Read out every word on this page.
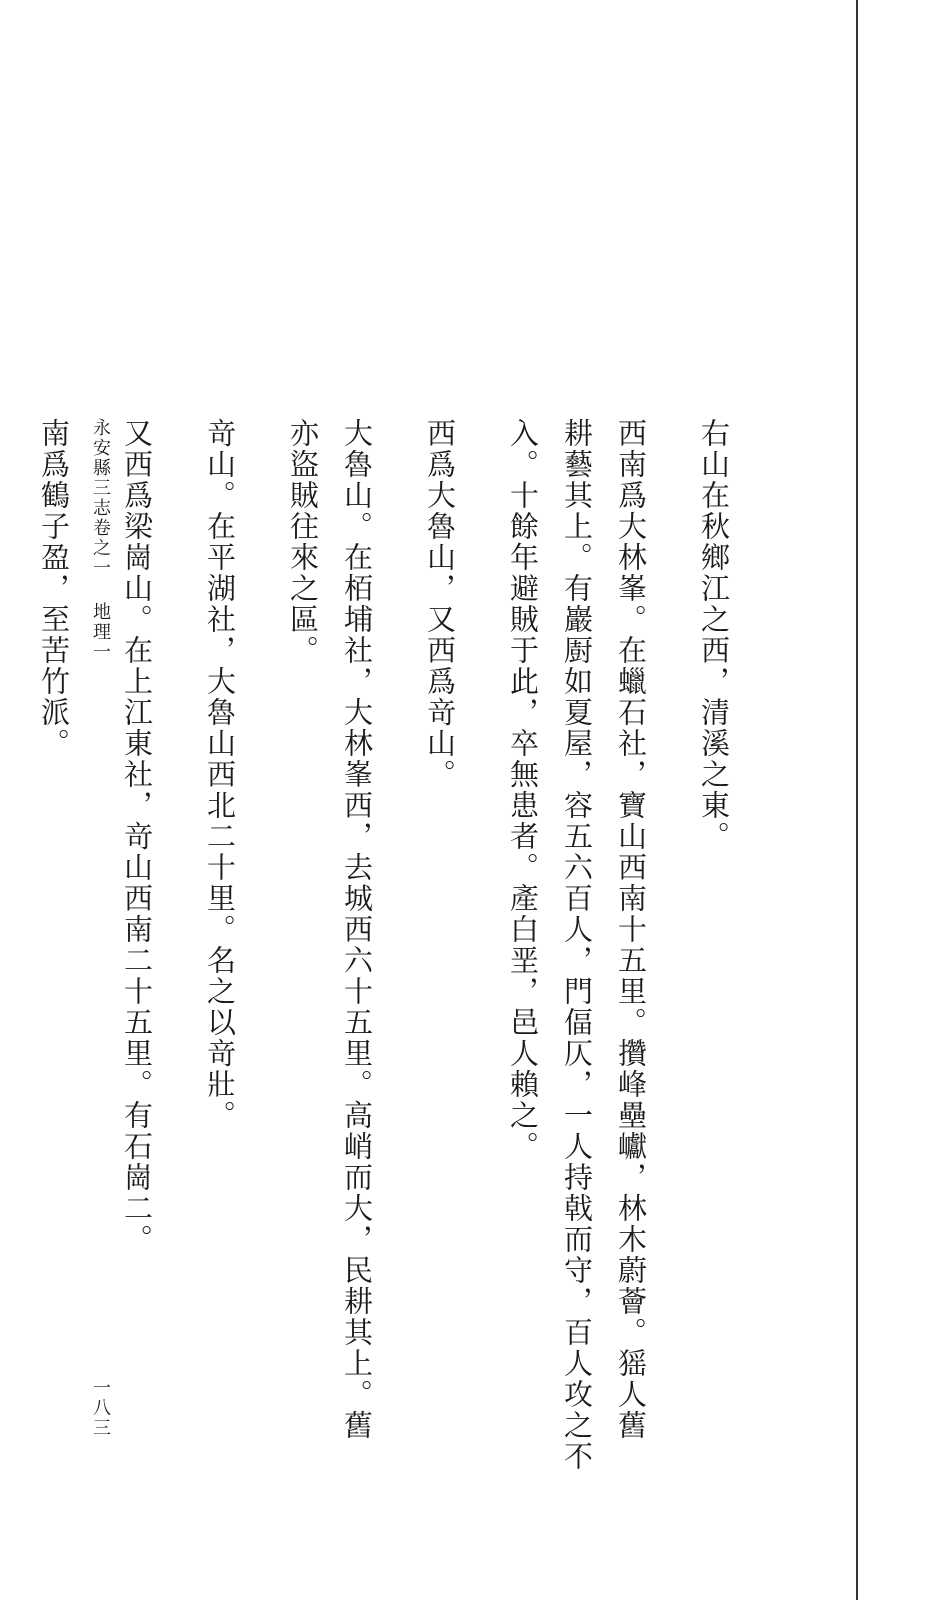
右山在秋鄉江之西，清溪之東。
西南爲大林峯。在蠟石社，寶山西南十五里。攢峰壘巘，林木蔚薈。猺人舊
耕藝其上。有巖㕑如夏屋，容五六百人，門偪仄，一人持戟而守，百人攻之不
入。十餘年避賊于此，卒無患者。產白垩，邑人賴之。
西爲大魯山，又西爲竒山。
大魯山。在栢埔社，大林峯西，去城西六十五里。高峭而大，民耕其上。舊
亦盜賊往來之區。
竒山。在平湖社，大魯山西北二十里。名之以竒壯。
又西爲梁崗山。在上江東社，竒山西南二十五里。有石崗二。
南爲鶴子盈，至苦竹派。	永安縣三志卷之一地理一
一八三
